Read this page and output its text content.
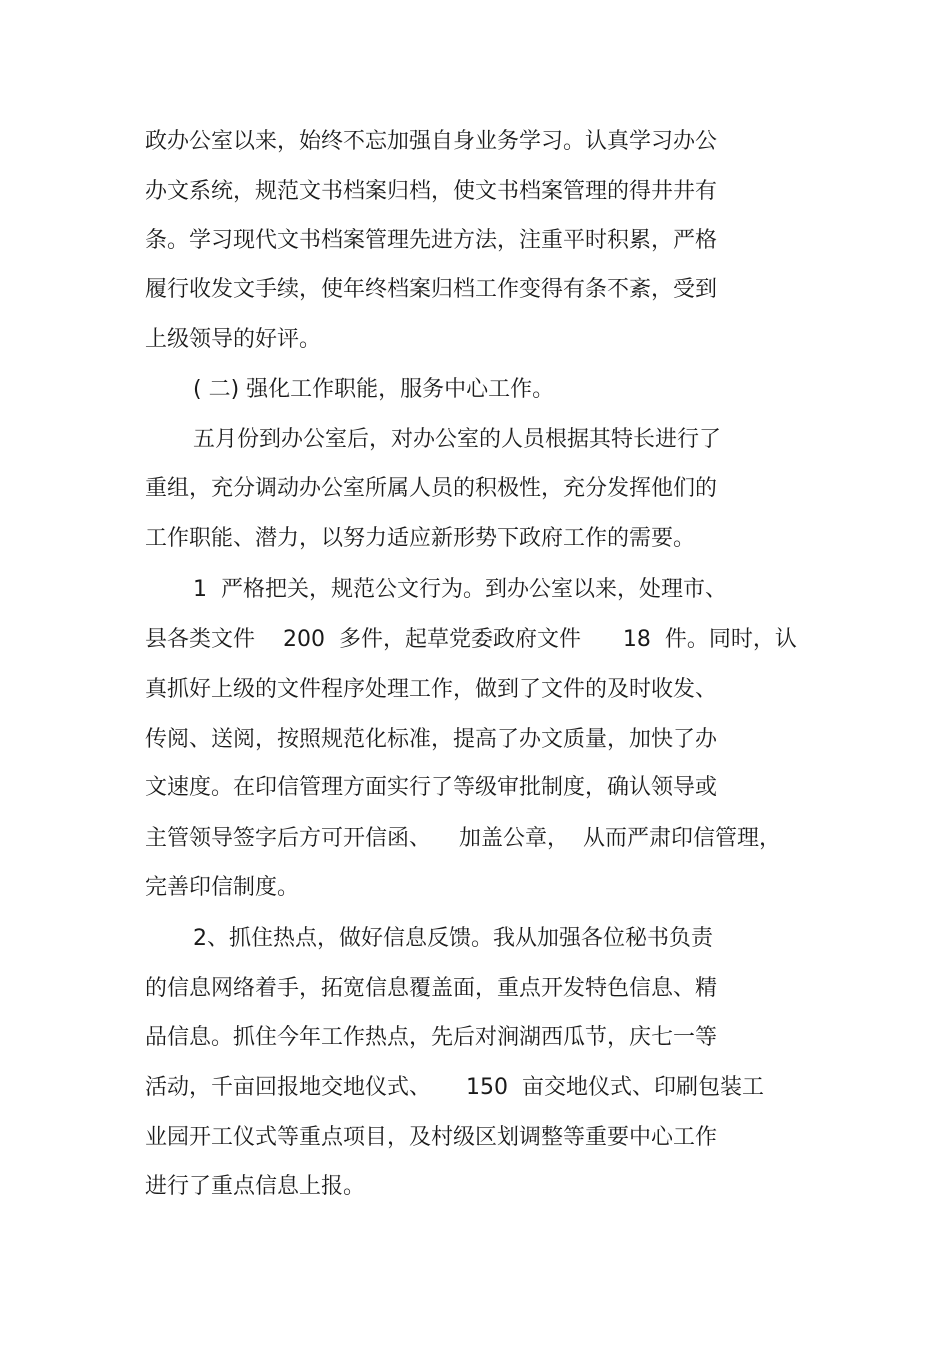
政办公室以来，始终不忘加强自身业务学习。认真学习办公
办文系统，规范文书档案归档，使文书档案管理的得井井有
条。学习现代文书档案管理先进方法，注重平时积累，严格
履行收发文手续，使年终档案归档工作变得有条不紊，受到
上级领导的好评。
( 二) 强化工作职能，服务中心工作。
五月份到办公室后，对办公室的人员根据其特长进行了
重组，充分调动办公室所属人员的积极性，充分发挥他们的
工作职能、潜力，以努力适应新形势下政府工作的需要。
1  严格把关，规范公文行为。到办公室以来，处理市、
县各类文件    200  多件，起草党委政府文件      18  件。同时，认
真抓好上级的文件程序处理工作，做到了文件的及时收发、
传阅、送阅，按照规范化标准，提高了办文质量，加快了办
文速度。在印信管理方面实行了等级审批制度，确认领导或
主管领导签字后方可开信函、    加盖公章，  从而严肃印信管理，
完善印信制度。
2、抓住热点，做好信息反馈。我从加强各位秘书负责
的信息网络着手，拓宽信息覆盖面，重点开发特色信息、精
品信息。抓住今年工作热点，先后对涧湖西瓜节，庆七一等
活动，千亩回报地交地仪式、     150  亩交地仪式、印刷包装工
业园开工仪式等重点项目，及村级区划调整等重要中心工作
进行了重点信息上报。
